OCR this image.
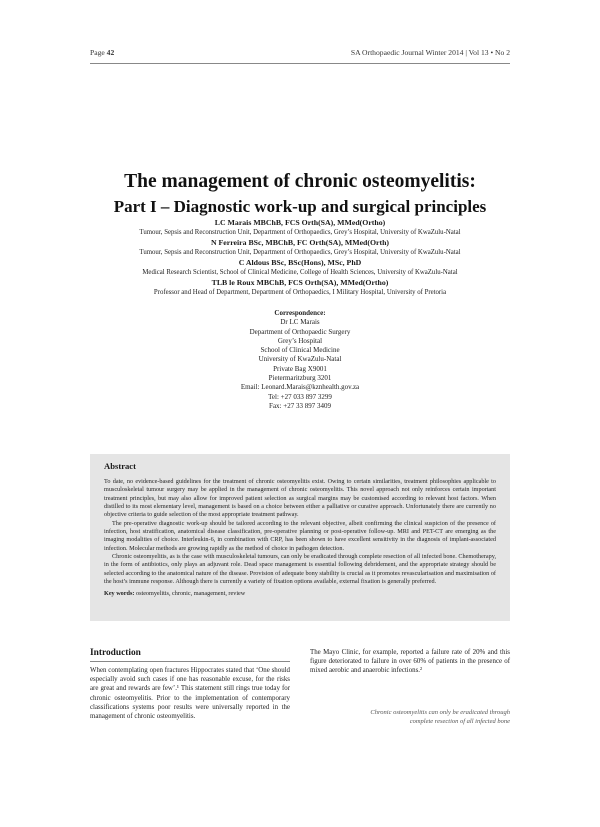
Page 42	SA Orthopaedic Journal Winter 2014 | Vol 13 • No 2
The management of chronic osteomyelitis:
Part I – Diagnostic work-up and surgical principles
LC Marais MBChB, FCS Orth(SA), MMed(Ortho)
Tumour, Sepsis and Reconstruction Unit, Department of Orthopaedics, Grey’s Hospital, University of KwaZulu-Natal
N Ferreira BSc, MBChB, FC Orth(SA), MMed(Orth)
Tumour, Sepsis and Reconstruction Unit, Department of Orthopaedics, Grey’s Hospital, University of KwaZulu-Natal
C Aldous BSc, BSc(Hons), MSc, PhD
Medical Research Scientist, School of Clinical Medicine, College of Health Sciences, University of KwaZulu-Natal
TLB le Roux MBChB, FCS Orth(SA), MMed(Ortho)
Professor and Head of Department, Department of Orthopaedics, I Military Hospital, University of Pretoria
Correspondence:
Dr LC Marais
Department of Orthopaedic Surgery
Grey’s Hospital
School of Clinical Medicine
University of KwaZulu-Natal
Private Bag X9001
Pietermaritzburg 3201
Email: Leonard.Marais@kznhealth.gov.za
Tel: +27 033 897 3299
Fax: +27 33 897 3409
Abstract

To date, no evidence-based guidelines for the treatment of chronic osteomyelitis exist. Owing to certain similarities, treatment philosophies applicable to musculoskeletal tumour surgery may be applied in the management of chronic osteomyelitis. This novel approach not only reinforces certain important treatment principles, but may also allow for improved patient selection as surgical margins may be customised according to relevant host factors. When distilled to its most elementary level, management is based on a choice between either a palliative or curative approach. Unfortunately there are currently no objective criteria to guide selection of the most appropriate treatment pathway.

The pre-operative diagnostic work-up should be tailored according to the relevant objective, albeit confirming the clinical suspicion of the presence of infection, host stratification, anatomical disease classification, pre-operative planning or post-operative follow-up. MRI and PET-CT are emerging as the imaging modalities of choice. Interleukin-6, in combination with CRP, has been shown to have excellent sensitivity in the diagnosis of implant-associated infection. Molecular methods are growing rapidly as the method of choice in pathogen detection.

Chronic osteomyelitis, as is the case with musculoskeletal tumours, can only be eradicated through complete resection of all infected bone. Chemotherapy, in the form of antibiotics, only plays an adjuvant role. Dead space management is essential following debridement, and the appropriate strategy should be selected according to the anatomical nature of the disease. Provision of adequate bony stability is crucial as it promotes revascularisation and maximisation of the host’s immune response. Although there is currently a variety of fixation options available, external fixation is generally preferred.

Key words: osteomyelitis, chronic, management, review
Introduction
When contemplating open fractures Hippocrates stated that ‘One should especially avoid such cases if one has reasonable excuse, for the risks are great and rewards are few’.¹ This statement still rings true today for chronic osteomyelitis. Prior to the implementation of contemporary classifications systems poor results were universally reported in the management of chronic osteomyelitis.
The Mayo Clinic, for example, reported a failure rate of 20% and this figure deteriorated to failure in over 60% of patients in the presence of mixed aerobic and anaerobic infections.²
Chronic osteomyelitis can only be eradicated through
complete resection of all infected bone
